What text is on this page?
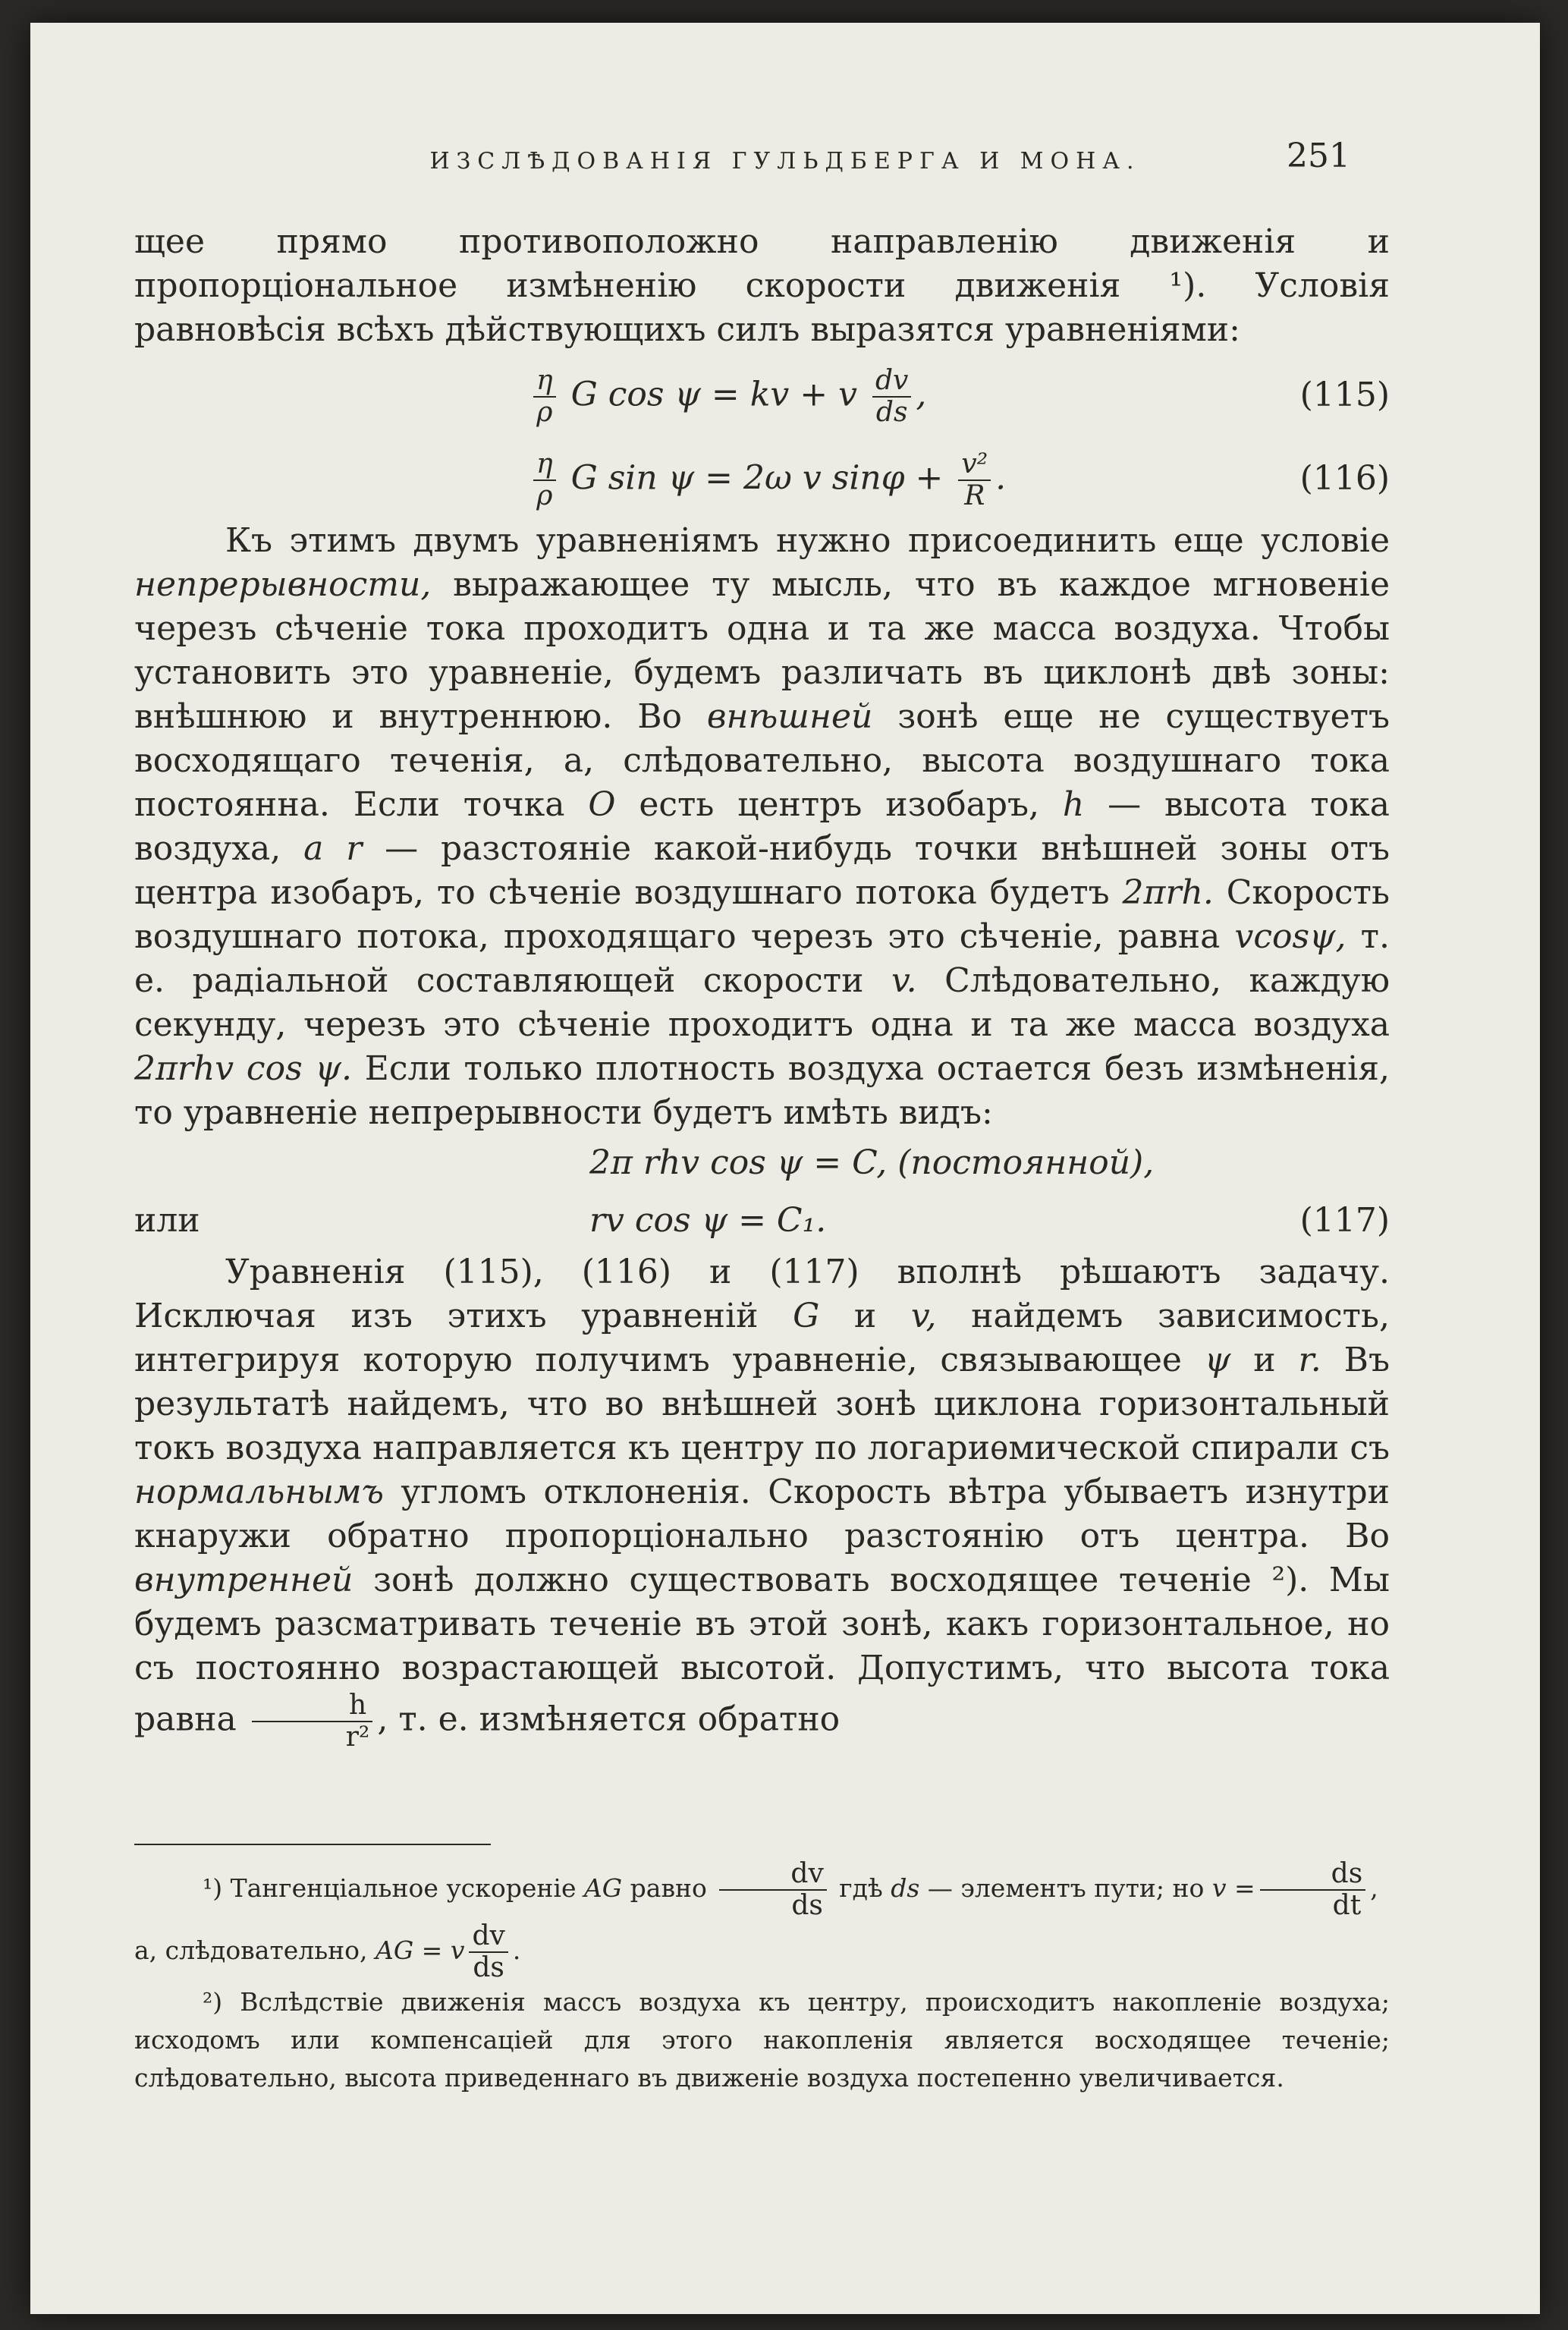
ИЗСЛѢДОВАНІЯ ГУЛЬДБЕРГА И МОНА.	251

щее прямо противоположно направленію движенія и пропорціональное измѣненію скорости движенія ¹). Условія равновѣсія всѣхъ дѣйствующихъ силъ выразятся уравненіями:

$\frac{\eta}{\rho}$ G cos ψ = kv + v $\frac{dv}{ds}$ ,	(115)
$\frac{\eta}{\rho}$ G sin ψ = 2ω v $\sin\varphi + \frac{\text{v²}}{R}$ .	(116)

Къ этимъ двумъ уравненіямъ нужно присоединить еще условіе непрерывности, выражающее ту мысль, что въ каждое мгновеніе черезъ сѣченіе тока проходитъ одна и та же масса воздуха. Чтобы установить это уравненіе, будемъ различать въ циклонѣ двѣ зоны: внѣшнюю и внутреннюю. Во внѣшней зонѣ еще не существуетъ восходящаго теченія, а, слѣдовательно, высота воздушнаго тока постоянна. Если точка O есть центръ изобаръ, h — высота тока воздуха, а r — разстояніе какой-нибудь точки внѣшней зоны отъ центра изобаръ, то сѣченіе воздушнаго потока будетъ 2πrh. Скорость воздушнаго потока, проходящаго черезъ это сѣченіе, равна vcosψ, т. е. радіальной составляющей скорости v. Слѣдовательно, каждую секунду, черезъ это сѣченіе проходитъ одна и та же масса воздуха 2πrhv cos ψ. Если только плотность воздуха остается безъ измѣненія, то уравненіе непрерывности будетъ имѣть видъ:

2π rhv cos ψ = C, (постоянной),
или	rv cos ψ = C₁.	(117)

Уравненія (115), (116) и (117) вполнѣ рѣшаютъ задачу. Исключая изъ этихъ уравненій G и v, найдемъ зависимость, интегрируя которую получимъ уравненіе, связывающее ψ и r. Въ результатѣ найдемъ, что во внѣшней зонѣ циклона горизонтальный токъ воздуха направляется къ центру по логариѳмической спирали съ нормальнымъ угломъ отклоненія. Скорость вѣтра убываетъ изнутри кнаружи обратно пропорціонально разстоянію отъ центра. Во внутренней зонѣ должно существовать восходящее теченіе ²). Мы будемъ разсматривать теченіе въ этой зонѣ, какъ горизонтальное, но съ постоянно возрастающей высотой. Допустимъ, что высота тока равна $\frac{h}{\text{r²}}$ , т. е. измѣняется обратно

¹) Тангенціальное ускореніе AG равно $\frac{dv}{ds}$ гдѣ ds — элементъ пути; но $v = \frac{ds}{dt}$ ,

а, слѣдовательно, AG = v $\frac{dv}{ds}$ .

²) Вслѣдствіе движенія массъ воздуха къ центру, происходитъ накопленіе воздуха; исходомъ или компенсаціей для этого накопленія является восходящее теченіе; слѣдовательно, высота приведеннаго въ движеніе воздуха постепенно увеличивается.
